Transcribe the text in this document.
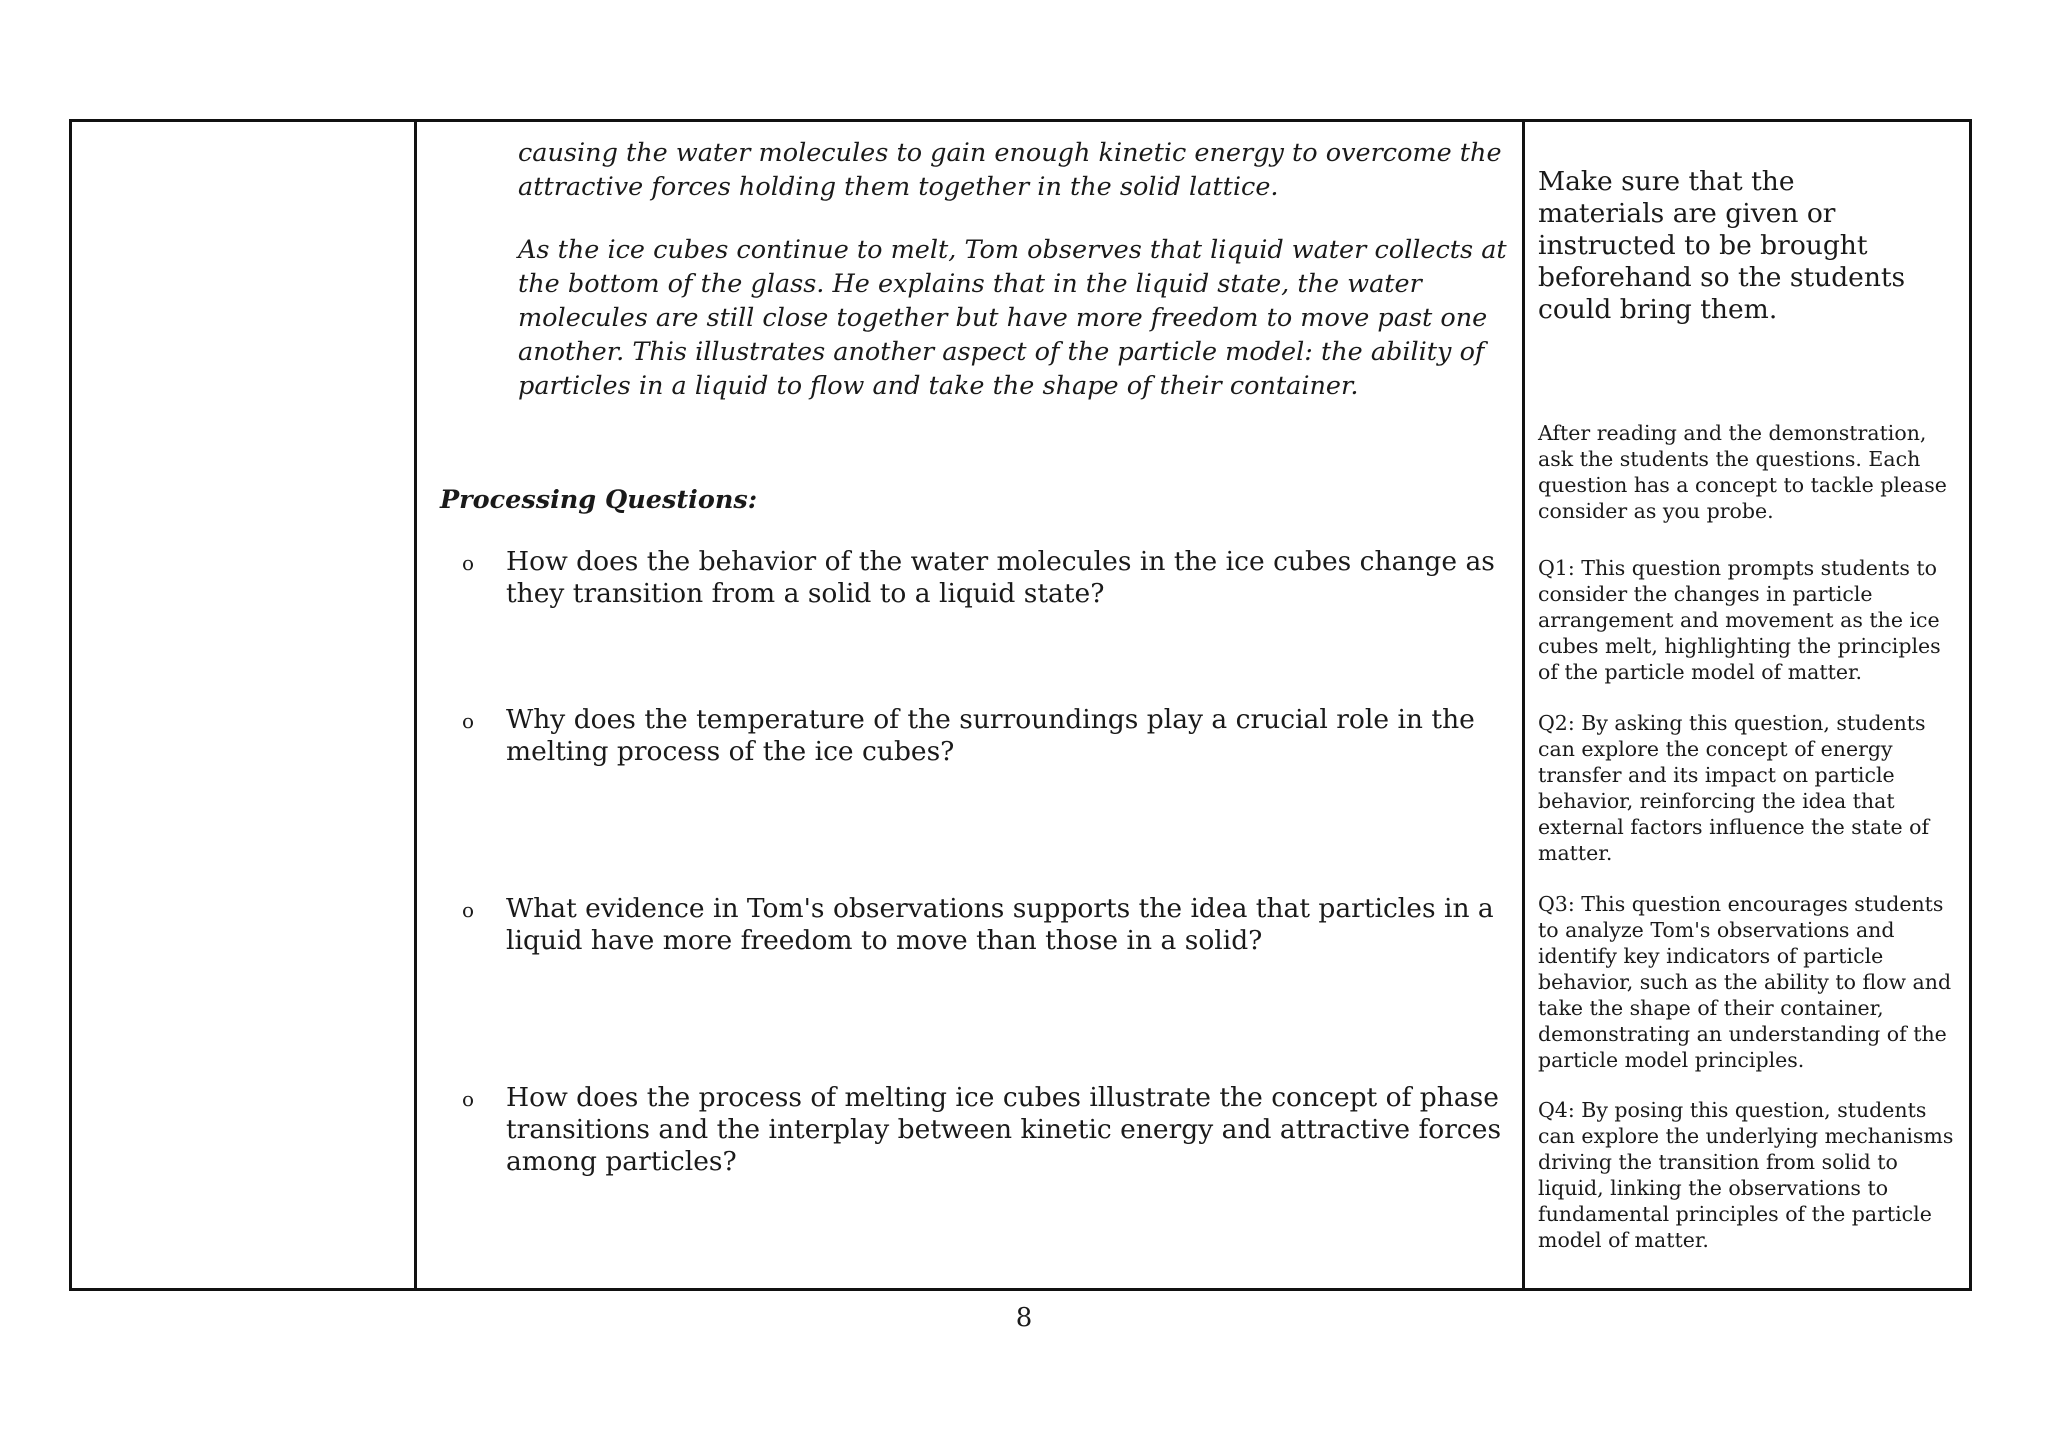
causing the water molecules to gain enough kinetic energy to overcome the attractive forces holding them together in the solid lattice.

As the ice cubes continue to melt, Tom observes that liquid water collects at the bottom of the glass. He explains that in the liquid state, the water molecules are still close together but have more freedom to move past one another. This illustrates another aspect of the particle model: the ability of particles in a liquid to flow and take the shape of their container.

Processing Questions:

o How does the behavior of the water molecules in the ice cubes change as they transition from a solid to a liquid state?
o Why does the temperature of the surroundings play a crucial role in the melting process of the ice cubes?
o What evidence in Tom's observations supports the idea that particles in a liquid have more freedom to move than those in a solid?
o How does the process of melting ice cubes illustrate the concept of phase transitions and the interplay between kinetic energy and attractive forces among particles?

Make sure that the materials are given or instructed to be brought beforehand so the students could bring them.

After reading and the demonstration, ask the students the questions. Each question has a concept to tackle please consider as you probe.

Q1: This question prompts students to consider the changes in particle arrangement and movement as the ice cubes melt, highlighting the principles of the particle model of matter.

Q2: By asking this question, students can explore the concept of energy transfer and its impact on particle behavior, reinforcing the idea that external factors influence the state of matter.

Q3: This question encourages students to analyze Tom's observations and identify key indicators of particle behavior, such as the ability to flow and take the shape of their container, demonstrating an understanding of the particle model principles.

Q4: By posing this question, students can explore the underlying mechanisms driving the transition from solid to liquid, linking the observations to fundamental principles of the particle model of matter.

8
